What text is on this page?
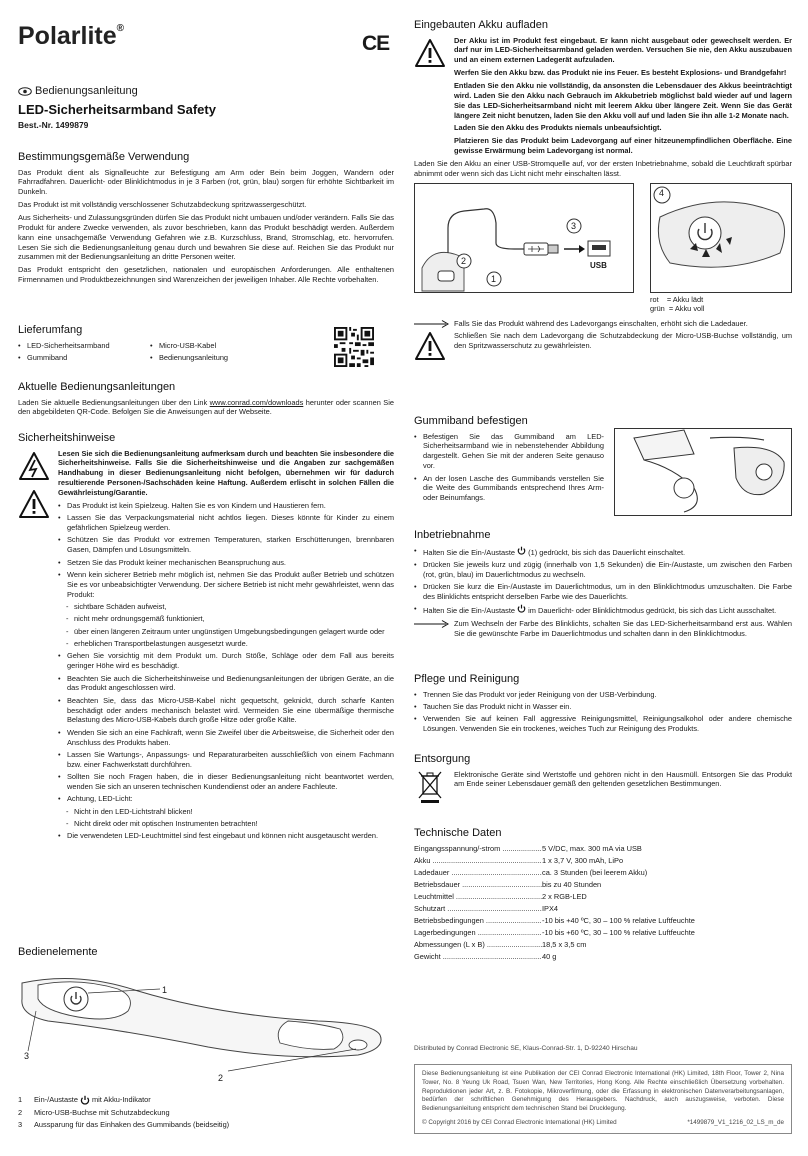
Polarlite®
CE
Bedienungsanleitung
LED-Sicherheitsarmband Safety
Best.-Nr. 1499879
Bestimmungsgemäße Verwendung

Das Produkt dient als Signalleuchte zur Befestigung am Arm oder Bein beim Joggen, Wandern oder Fahrradfahren. Dauerlicht- oder Blinklichtmodus in je 3 Farben (rot, grün, blau) sorgen für erhöhte Sichtbarkeit im Dunkeln.

Das Produkt ist mit vollständig verschlossener Schutzabdeckung spritzwassergeschützt.

Aus Sicherheits- und Zulassungsgründen dürfen Sie das Produkt nicht umbauen und/oder verändern. Falls Sie das Produkt für andere Zwecke verwenden, als zuvor beschrieben, kann das Produkt beschädigt werden. Außerdem kann eine unsachgemäße Verwendung Gefahren wie z.B. Kurzschluss, Brand, Stromschlag, etc. hervorrufen. Lesen Sie sich die Bedienungsanleitung genau durch und bewahren Sie diese auf. Reichen Sie das Produkt nur zusammen mit der Bedienungsanleitung an dritte Personen weiter.

Das Produkt entspricht den gesetzlichen, nationalen und europäischen Anforderungen. Alle enthaltenen Firmennamen und Produktbezeichnungen sind Warenzeichen der jeweiligen Inhaber. Alle Rechte vorbehalten.

Lieferumfang
• LED-Sicherheitsarmband
• Gummiband
• Micro-USB-Kabel
• Bedienungsanleitung
Aktuelle Bedienungsanleitungen

Laden Sie aktuelle Bedienungsanleitungen über den Link www.conrad.com/downloads herunter oder scannen Sie den abgebildeten QR-Code. Befolgen Sie die Anweisungen auf der Webseite.

Sicherheitshinweise

Lesen Sie sich die Bedienungsanleitung aufmerksam durch und beachten Sie insbesondere die Sicherheitshinweise. Falls Sie die Sicherheitshinweise und die Angaben zur sachgemäßen Handhabung in dieser Bedienungsanleitung nicht befolgen, übernehmen wir für dadurch resultierende Personen-/Sachschäden keine Haftung. Außerdem erlischt in solchen Fällen die Gewährleistung/Garantie.

• Das Produkt ist kein Spielzeug. Halten Sie es von Kindern und Haustieren fern.
• Lassen Sie das Verpackungsmaterial nicht achtlos liegen. Dieses könnte für Kinder zu einem gefährlichen Spielzeug werden.
• Schützen Sie das Produkt vor extremen Temperaturen, starken Erschütterungen, brennbaren Gasen, Dämpfen und Lösungsmitteln.
• Setzen Sie das Produkt keiner mechanischen Beanspruchung aus.
• Wenn kein sicherer Betrieb mehr möglich ist, nehmen Sie das Produkt außer Betrieb und schützen Sie es vor unbeabsichtigter Verwendung. Der sichere Betrieb ist nicht mehr gewährleistet, wenn das Produkt:
- sichtbare Schäden aufweist,
- nicht mehr ordnungsgemäß funktioniert,
- über einen längeren Zeitraum unter ungünstigen Umgebungsbedingungen gelagert wurde oder
- erheblichen Transportbelastungen ausgesetzt wurde.
• Gehen Sie vorsichtig mit dem Produkt um. Durch Stöße, Schläge oder dem Fall aus bereits geringer Höhe wird es beschädigt.
• Beachten Sie auch die Sicherheitshinweise und Bedienungsanleitungen der übrigen Geräte, an die das Produkt angeschlossen wird.
• Beachten Sie, dass das Micro-USB-Kabel nicht gequetscht, geknickt, durch scharfe Kanten beschädigt oder anders mechanisch belastet wird. Vermeiden Sie eine übermäßige thermische Belastung des Micro-USB-Kabels durch große Hitze oder große Kälte.
• Wenden Sie sich an eine Fachkraft, wenn Sie Zweifel über die Arbeitsweise, die Sicherheit oder den Anschluss des Produkts haben.
• Lassen Sie Wartungs-, Anpassungs- und Reparaturarbeiten ausschließlich von einem Fachmann bzw. einer Fachwerkstatt durchführen.
• Sollten Sie noch Fragen haben, die in dieser Bedienungsanleitung nicht beantwortet werden, wenden Sie sich an unseren technischen Kundendienst oder an andere Fachleute.
• Achtung, LED-Licht:
- Nicht in den LED-Lichtstrahl blicken!
- Nicht direkt oder mit optischen Instrumenten betrachten!
• Die verwendeten LED-Leuchtmittel sind fest eingebaut und können nicht ausgetauscht werden.
Bedienelemente
1
2
3
1	Ein-/Austaste mit Akku-Indikator
2	Micro-USB-Buchse mit Schutzabdeckung
3	Aussparung für das Einhaken des Gummibands (beidseitig)
Eingebauten Akku aufladen

Der Akku ist im Produkt fest eingebaut. Er kann nicht ausgebaut oder gewechselt werden. Er darf nur im LED-Sicherheitsarmband geladen werden. Versuchen Sie nie, den Akku auszubauen und an einem externen Ladegerät aufzuladen.

Werfen Sie den Akku bzw. das Produkt nie ins Feuer. Es besteht Explosions- und Brandgefahr!

Entladen Sie den Akku nie vollständig, da ansonsten die Lebensdauer des Akkus beeinträchtigt wird. Laden Sie den Akku nach Gebrauch im Akkubetrieb möglichst bald wieder auf und lagern Sie das LED-Sicherheitsarmband nicht mit leerem Akku über längere Zeit. Wenn Sie das Gerät längere Zeit nicht benutzen, laden Sie den Akku voll auf und laden Sie ihn alle 1-2 Monate nach.

Laden Sie den Akku des Produkts niemals unbeaufsichtigt.

Platzieren Sie das Produkt beim Ladevorgang auf einer hitzeunempfindlichen Oberfläche. Eine gewisse Erwärmung beim Ladevorgang ist normal.

Laden Sie den Akku an einer USB-Stromquelle auf, vor der ersten Inbetriebnahme, sobald die Leuchtkraft spürbar abnimmt oder wenn sich das Licht nicht mehr einschalten lässt.

1
2
3
USB
4
rot    = Akku lädt
grün  = Akku voll

Falls Sie das Produkt während des Ladevorgangs einschalten, erhöht sich die Ladedauer.

Schließen Sie nach dem Ladevorgang die Schutzabdeckung der Micro-USB-Buchse vollständig, um den Spritzwasserschutz zu gewährleisten.

Gummiband befestigen
• Befestigen Sie das Gummiband am LED-Sicherheitsarmband wie in nebenstehender Abbildung dargestellt. Gehen Sie mit der anderen Seite genauso vor.
• An der losen Lasche des Gummibands verstellen Sie die Weite des Gummibands entsprechend Ihres Arm- oder Beinumfangs.
Inbetriebnahme
• Halten Sie die Ein-/Austaste  (1) gedrückt, bis sich das Dauerlicht einschaltet.
• Drücken Sie jeweils kurz und zügig (innerhalb von 1,5 Sekunden) die Ein-/Austaste, um zwischen den Farben (rot, grün, blau) im Dauerlichtmodus zu wechseln.
• Drücken Sie kurz die Ein-/Austaste im Dauerlichtmodus, um in den Blinklichtmodus umzuschalten. Die Farbe des Blinklichts entspricht derselben Farbe wie des Dauerlichts.
• Halten Sie die Ein-/Austaste  im Dauerlicht- oder Blinklichtmodus gedrückt, bis sich das Licht ausschaltet.

Zum Wechseln der Farbe des Blinklichts, schalten Sie das LED-Sicherheitsarmband erst aus. Wählen Sie die gewünschte Farbe im Dauerlichtmodus und schalten dann in den Blinklichtmodus.

Pflege und Reinigung
• Trennen Sie das Produkt vor jeder Reinigung von der USB-Verbindung.
• Tauchen Sie das Produkt nicht in Wasser ein.
• Verwenden Sie auf keinen Fall aggressive Reinigungsmittel, Reinigungsalkohol oder andere chemische Lösungen. Verwenden Sie ein trockenes, weiches Tuch zur Reinigung des Produkts.
Entsorgung

Elektronische Geräte sind Wertstoffe und gehören nicht in den Hausmüll. Entsorgen Sie das Produkt am Ende seiner Lebensdauer gemäß den geltenden gesetzlichen Bestimmungen.

Technische Daten
Eingangsspannung/-strom .....	5 V/DC, max. 300 mA via USB
Akku .....	1 x 3,7 V, 300 mAh, LiPo
Ladedauer .....	ca. 3 Stunden (bei leerem Akku)
Betriebsdauer .....	bis zu 40 Stunden
Leuchtmittel .....	2 x RGB-LED
Schutzart .....	IPX4
Betriebsbedingungen .....	-10 bis +40 ºC, 30 – 100 % relative Luftfeuchte
Lagerbedingungen .....	-10 bis +60 ºC, 30 – 100 % relative Luftfeuchte
Abmessungen (L x B) .....	18,5 x 3,5 cm
Gewicht .....	40 g
Distributed by Conrad Electronic SE, Klaus-Conrad-Str. 1, D-92240 Hirschau
Diese Bedienungsanleitung ist eine Publikation der CEI Conrad Electronic International (HK) Limited, 18th Floor, Tower 2, Nina Tower, No. 8 Yeung Uk Road, Tsuen Wan, New Territories, Hong Kong. Alle Rechte einschließlich Übersetzung vorbehalten. Reproduktionen jeder Art, z. B. Fotokopie, Mikroverfilmung, oder die Erfassung in elektronischen Datenverarbeitungsanlagen, bedürfen der schriftlichen Genehmigung des Herausgebers. Nachdruck, auch auszugsweise, verboten. Diese Bedienungsanleitung entspricht dem technischen Stand bei Drucklegung.
© Copyright 2016 by CEI Conrad Electronic International (HK) Limited	*1499879_V1_1216_02_LS_m_de
